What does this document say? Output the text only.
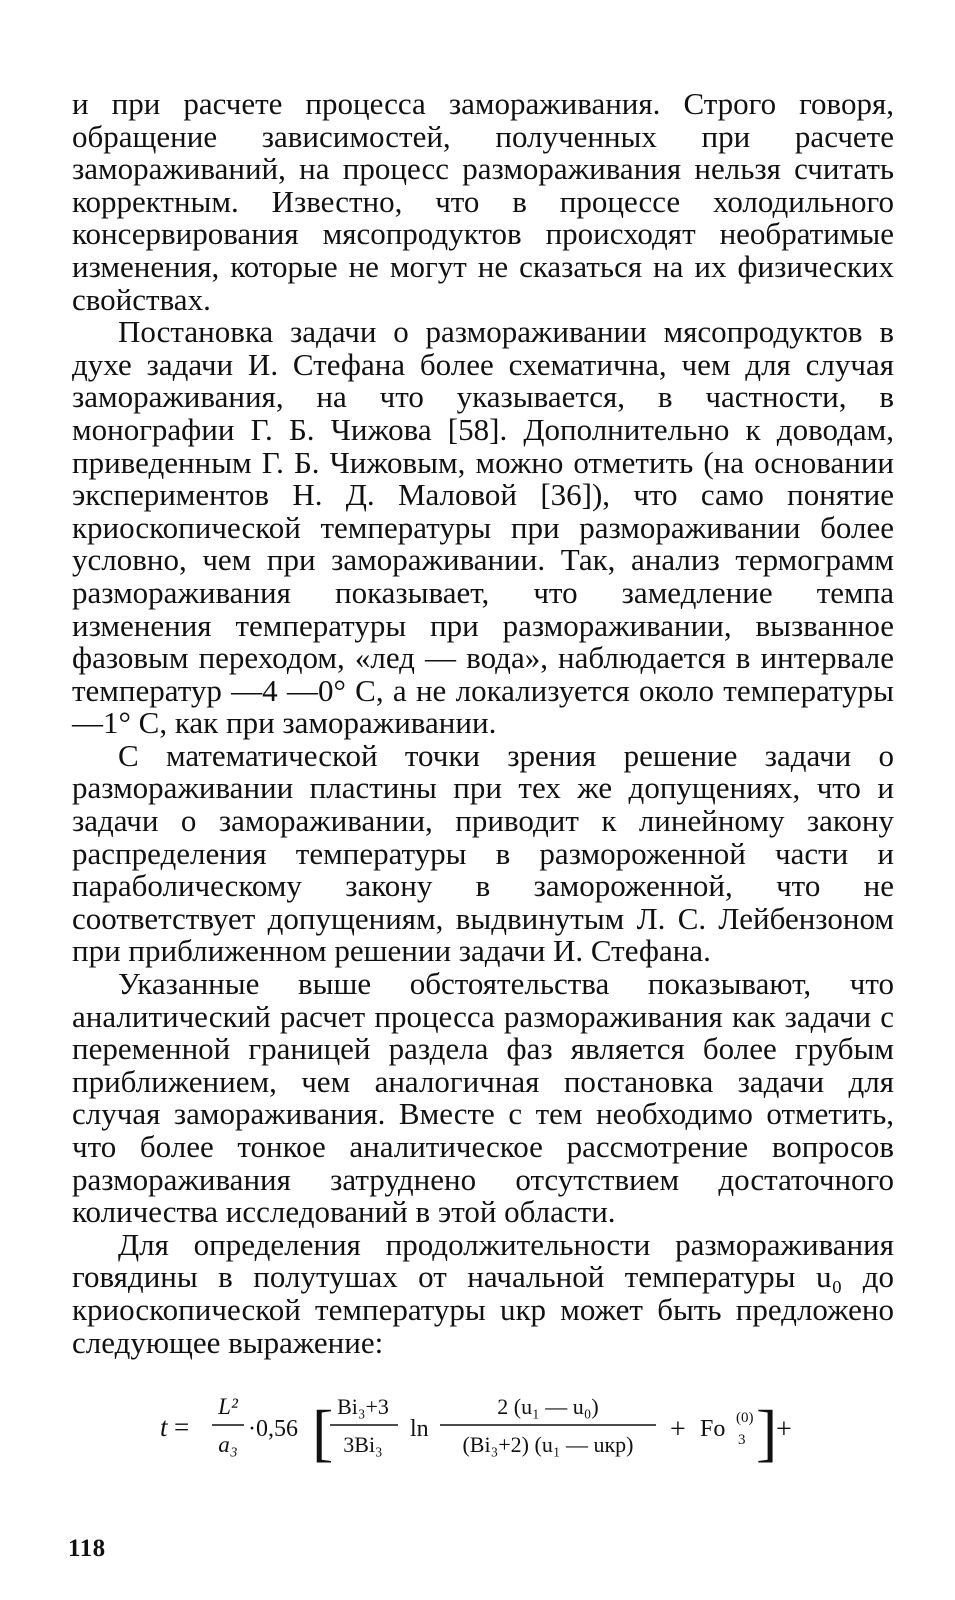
и при расчете процесса замораживания. Строго говоря, обращение зависимостей, полученных при расчете замораживаний, на процесс размораживания нельзя считать корректным. Известно, что в процессе холодильного консервирования мясопродуктов происходят необратимые изменения, которые не могут не сказаться на их физических свойствах.

Постановка задачи о размораживании мясопродуктов в духе задачи И. Стефана более схематична, чем для случая замораживания, на что указывается, в частности, в монографии Г. Б. Чижова [58]. Дополнительно к доводам, приведенным Г. Б. Чижовым, можно отметить (на основании экспериментов Н. Д. Маловой [36]), что само понятие криоскопической температуры при размораживании более условно, чем при замораживании. Так, анализ термограмм размораживания показывает, что замедление темпа изменения температуры при размораживании, вызванное фазовым переходом, «лед — вода», наблюдается в интервале температур —4 —0° С, а не локализуется около температуры —1° С, как при замораживании.

С математической точки зрения решение задачи о размораживании пластины при тех же допущениях, что и задачи о замораживании, приводит к линейному закону распределения температуры в размороженной части и параболическому закону в замороженной, что не соответствует допущениям, выдвинутым Л. С. Лейбензоном при приближенном решении задачи И. Стефана.

Указанные выше обстоятельства показывают, что аналитический расчет процесса размораживания как задачи с переменной границей раздела фаз является более грубым приближением, чем аналогичная постановка задачи для случая замораживания. Вместе с тем необходимо отметить, что более тонкое аналитическое рассмотрение вопросов размораживания затруднено отсутствием достаточного количества исследований в этой области.

Для определения продолжительности размораживания говядины в полутушах от начальной температуры u₀ до криоскопической температуры uкр может быть предложено следующее выражение:

t =
L²
a₃
·0,56 [ Bi₃+3
3Bi₃
ln
2 (u₁ — u₀)
(Bi₃+2) (u₁ — uкр) + Fo (0)
3 ]
+
118
